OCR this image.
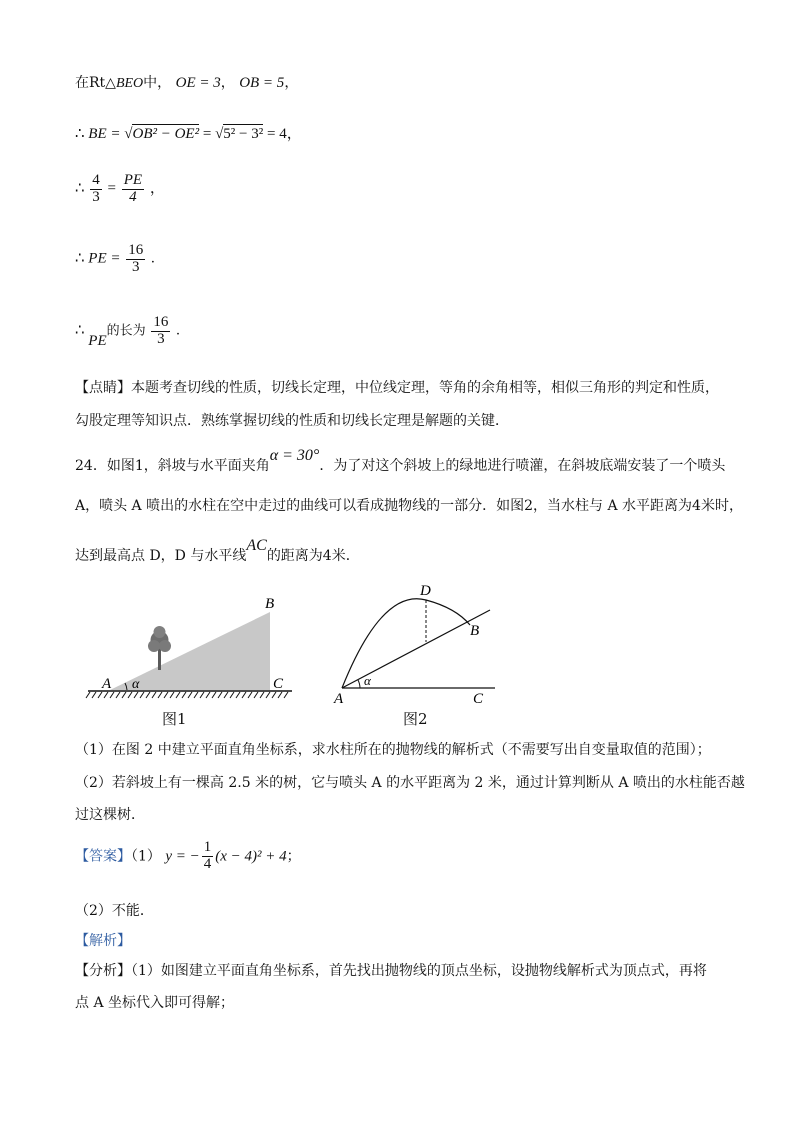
在Rt△BEO中， OE = 3， OB = 5，
∴ BE = √OB² − OE² = √5² − 3² = 4，
∴ $\frac{4}{3} = \frac{PE}{4}$ ，
∴ PE = $\frac{16}{3}$ .
∴ PE的长为 $\frac{16}{3}$ .
【点睛】本题考查切线的性质，切线长定理，中位线定理，等角的余角相等，相似三角形的判定和性质，
勾股定理等知识点．熟练掌握切线的性质和切线长定理是解题的关键．
24．如图1，斜坡与水平面夹角α = 30°．为了对这个斜坡上的绿地进行喷灌，在斜坡底端安装了一个喷头
A，喷头 A 喷出的水柱在空中走过的曲线可以看成抛物线的一部分．如图2，当水柱与 A 水平距离为4米时，
达到最高点 D，D 与水平线AC的距离为4米．
A α
B
C
图1
A
α
D
B
C
图2
（1）在图 2 中建立平面直角坐标系，求水柱所在的抛物线的解析式（不需要写出自变量取值的范围）；
（2）若斜坡上有一棵高 2.5 米的树，它与喷头 A 的水平距离为 2 米，通过计算判断从 A 喷出的水柱能否越
过这棵树．
【答案】（1） y = − $\frac{1}{4} (x - 4)^2 + 4$；
（2）不能．
【解析】
【分析】（1）如图建立平面直角坐标系，首先找出抛物线的顶点坐标，设抛物线解析式为顶点式，再将
点 A 坐标代入即可得解；
